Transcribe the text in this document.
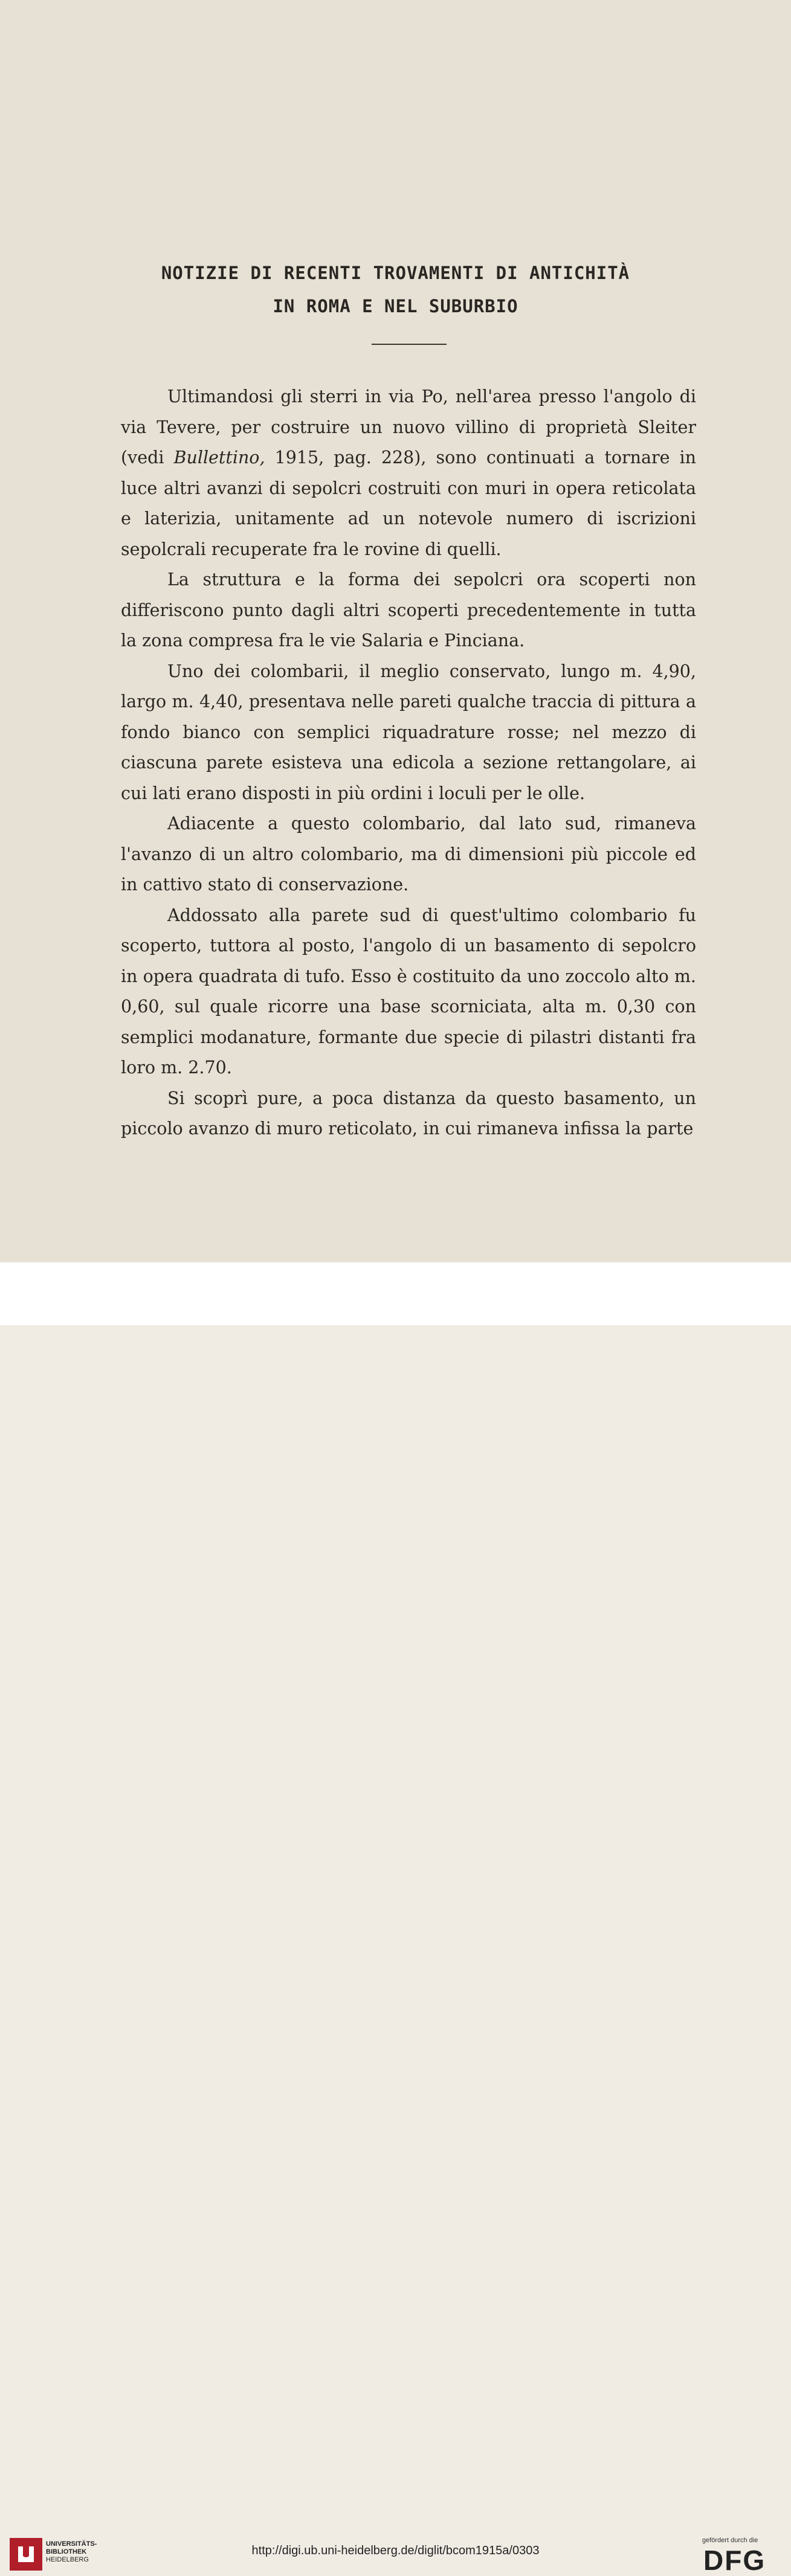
NOTIZIE DI RECENTI TROVAMENTI DI ANTICHITÀ
IN ROMA E NEL SUBURBIO

Ultimandosi gli sterri in via Po, nell'area presso l'angolo di via Tevere, per costruire un nuovo villino di proprietà Sleiter (vedi Bullettino, 1915, pag. 228), sono continuati a tornare in luce altri avanzi di sepolcri costruiti con muri in opera reticolata e laterizia, unitamente ad un notevole numero di iscrizioni sepolcrali recuperate fra le rovine di quelli.

La struttura e la forma dei sepolcri ora scoperti non differiscono punto dagli altri scoperti precedentemente in tutta la zona compresa fra le vie Salaria e Pinciana.

Uno dei colombarii, il meglio conservato, lungo m. 4,90, largo m. 4,40, presentava nelle pareti qualche traccia di pittura a fondo bianco con semplici riquadrature rosse; nel mezzo di ciascuna parete esisteva una edicola a sezione rettangolare, ai cui lati erano disposti in più ordini i loculi per le olle.

Adiacente a questo colombario, dal lato sud, rimaneva l'avanzo di un altro colombario, ma di dimensioni più piccole ed in cattivo stato di conservazione.

Addossato alla parete sud di quest'ultimo colombario fu scoperto, tuttora al posto, l'angolo di un basamento di sepolcro in opera quadrata di tufo. Esso è costituito da uno zoccolo alto m. 0,60, sul quale ricorre una base scorniciata, alta m. 0,30 con semplici modanature, formante due specie di pilastri distanti fra loro m. 2.70.

Si scoprì pure, a poca distanza da questo basamento, un piccolo avanzo di muro reticolato, in cui rimaneva infissa la parte

UNIVERSITÄTS-
BIBLIOTHEK
HEIDELBERG
http://digi.ub.uni-heidelberg.de/diglit/bcom1915a/0303
gefördert durch die
DFG
